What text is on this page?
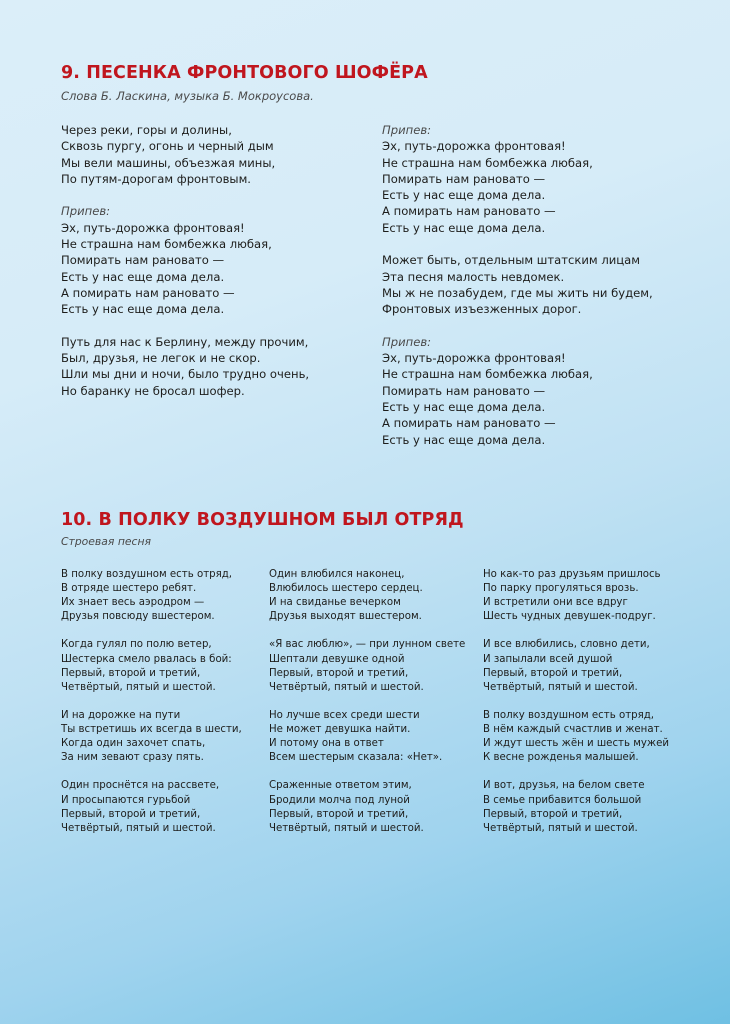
9. ПЕСЕНКА ФРОНТОВОГО ШОФЁРА

Слова Б. Ласкина, музыка Б. Мокроусова.

Через реки, горы и долины,
Сквозь пургу, огонь и черный дым
Мы вели машины, объезжая мины,
По путям-дорогам фронтовым.

Припев:
Эх, путь-дорожка фронтовая!
Не страшна нам бомбежка любая,
Помирать нам рановато —
Есть у нас еще дома дела.
А помирать нам рановато —
Есть у нас еще дома дела.

Путь для нас к Берлину, между прочим,
Был, друзья, не легок и не скор.
Шли мы дни и ночи, было трудно очень,
Но баранку не бросал шофер.

Припев:
Эх, путь-дорожка фронтовая!
Не страшна нам бомбежка любая,
Помирать нам рановато —
Есть у нас еще дома дела.
А помирать нам рановато —
Есть у нас еще дома дела.

Может быть, отдельным штатским лицам
Эта песня малость невдомек.
Мы ж не позабудем, где мы жить ни будем,
Фронтовых изъезженных дорог.

Припев:
Эх, путь-дорожка фронтовая!
Не страшна нам бомбежка любая,
Помирать нам рановато —
Есть у нас еще дома дела.
А помирать нам рановато —
Есть у нас еще дома дела.

10. В ПОЛКУ ВОЗДУШНОМ БЫЛ ОТРЯД

Строевая песня

В полку воздушном есть отряд,
В отряде шестеро ребят.
Их знает весь аэродром —
Друзья повсюду вшестером.

Когда гулял по полю ветер,
Шестерка смело рвалась в бой:
Первый, второй и третий,
Четвёртый, пятый и шестой.

И на дорожке на пути
Ты встретишь их всегда в шести,
Когда один захочет спать,
За ним зевают сразу пять.

Один проснётся на рассвете,
И просыпаются гурьбой
Первый, второй и третий,
Четвёртый, пятый и шестой.

Один влюбился наконец,
Влюбилось шестеро сердец.
И на свиданье вечерком
Друзья выходят вшестером.

«Я вас люблю», — при лунном свете
Шептали девушке одной
Первый, второй и третий,
Четвёртый, пятый и шестой.

Но лучше всех среди шести
Не может девушка найти.
И потому она в ответ
Всем шестерым сказала: «Нет».

Сраженные ответом этим,
Бродили молча под луной
Первый, второй и третий,
Четвёртый, пятый и шестой.

Но как-то раз друзьям пришлось
По парку прогуляться врозь.
И встретили они все вдруг
Шесть чудных девушек-подруг.

И все влюбились, словно дети,
И запылали всей душой
Первый, второй и третий,
Четвёртый, пятый и шестой.

В полку воздушном есть отряд,
В нём каждый счастлив и женат.
И ждут шесть жён и шесть мужей
К весне рожденья малышей.

И вот, друзья, на белом свете
В семье прибавится большой
Первый, второй и третий,
Четвёртый, пятый и шестой.
